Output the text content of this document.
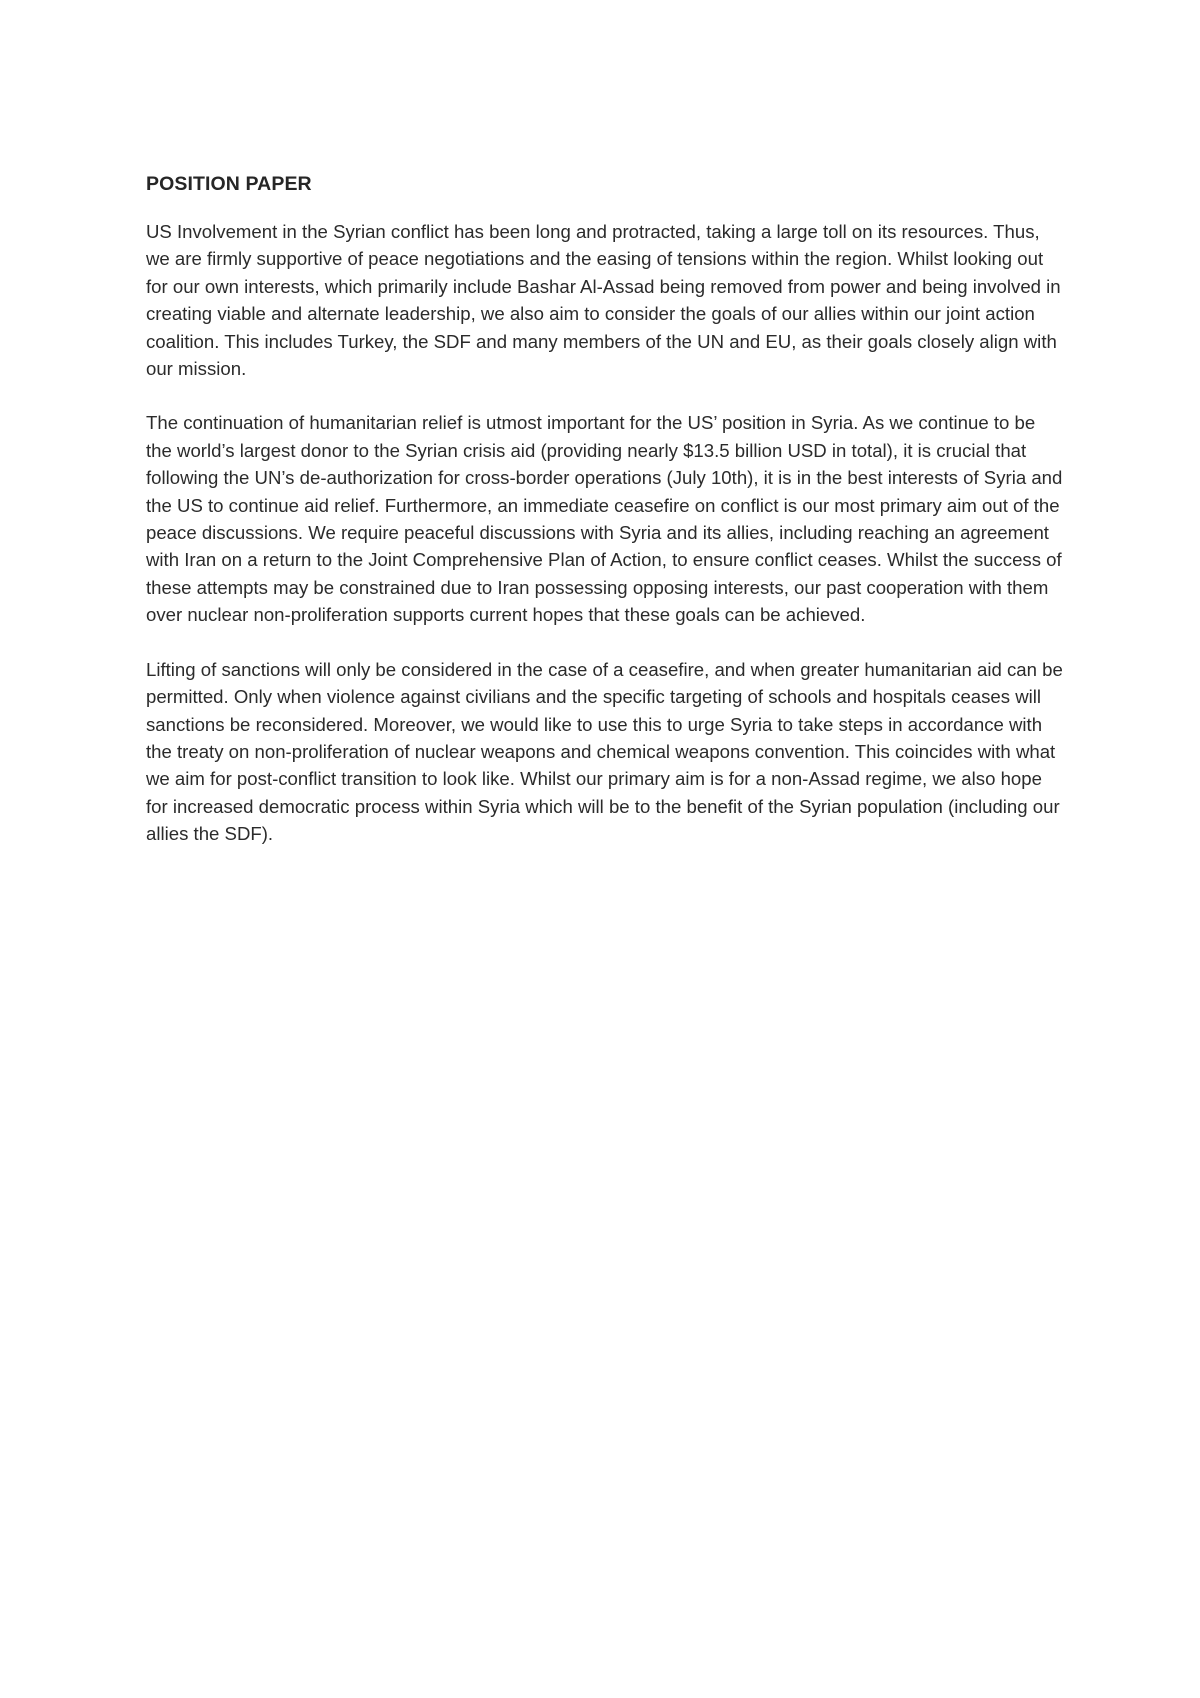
POSITION PAPER

US Involvement in the Syrian conflict has been long and protracted, taking a large toll on its resources. Thus, we are firmly supportive of peace negotiations and the easing of tensions within the region. Whilst looking out for our own interests, which primarily include Bashar Al-Assad being removed from power and being involved in creating viable and alternate leadership, we also aim to consider the goals of our allies within our joint action coalition. This includes Turkey, the SDF and many members of the UN and EU, as their goals closely align with our mission.

The continuation of humanitarian relief is utmost important for the US’ position in Syria. As we continue to be the world’s largest donor to the Syrian crisis aid (providing nearly $13.5 billion USD in total), it is crucial that following the UN’s de-authorization for cross-border operations (July 10th), it is in the best interests of Syria and the US to continue aid relief. Furthermore, an immediate ceasefire on conflict is our most primary aim out of the peace discussions. We require peaceful discussions with Syria and its allies, including reaching an agreement with Iran on a return to the Joint Comprehensive Plan of Action, to ensure conflict ceases. Whilst the success of these attempts may be constrained due to Iran possessing opposing interests, our past cooperation with them over nuclear non-proliferation supports current hopes that these goals can be achieved.

Lifting of sanctions will only be considered in the case of a ceasefire, and when greater humanitarian aid can be permitted. Only when violence against civilians and the specific targeting of schools and hospitals ceases will sanctions be reconsidered. Moreover, we would like to use this to urge Syria to take steps in accordance with the treaty on non-proliferation of nuclear weapons and chemical weapons convention. This coincides with what we aim for post-conflict transition to look like. Whilst our primary aim is for a non-Assad regime, we also hope for increased democratic process within Syria which will be to the benefit of the Syrian population (including our allies the SDF).
